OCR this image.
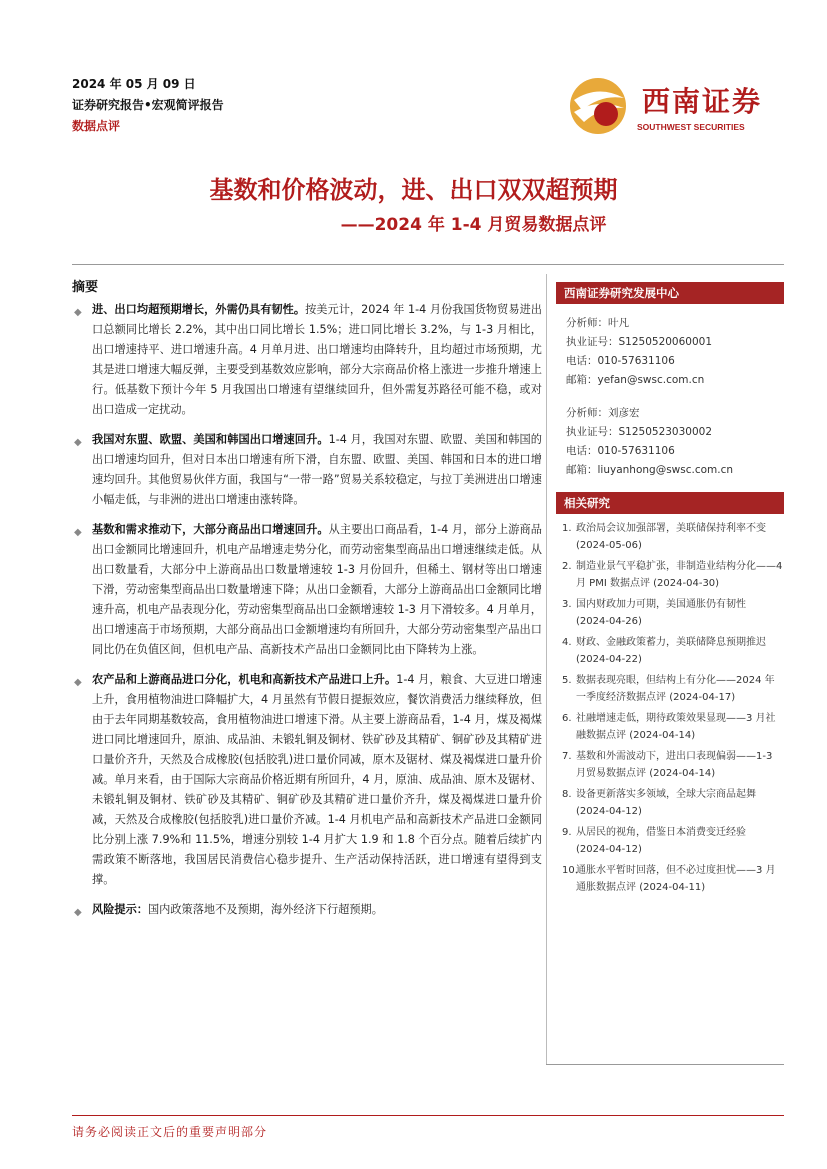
2024 年 05 月 09 日
证券研究报告•宏观简评报告
数据点评
西南证券
SOUTHWEST SECURITIES
基数和价格波动，进、出口双双超预期
——2024 年 1-4 月贸易数据点评
摘要
◆ 进、出口均超预期增长，外需仍具有韧性。按美元计，2024 年 1-4 月份我国货物贸易进出口总额同比增长 2.2%，其中出口同比增长 1.5%；进口同比增长 3.2%，与 1-3 月相比，出口增速持平、进口增速升高。4 月单月进、出口增速均由降转升，且均超过市场预期，尤其是进口增速大幅反弹，主要受到基数效应影响，部分大宗商品价格上涨进一步推升增速上行。低基数下预计今年 5 月我国出口增速有望继续回升，但外需复苏路径可能不稳，或对出口造成一定扰动。
◆ 我国对东盟、欧盟、美国和韩国出口增速回升。1-4 月，我国对东盟、欧盟、美国和韩国的出口增速均回升，但对日本出口增速有所下滑，自东盟、欧盟、美国、韩国和日本的进口增速均回升。其他贸易伙伴方面，我国与“一带一路”贸易关系较稳定，与拉丁美洲进出口增速小幅走低，与非洲的进出口增速由涨转降。
◆ 基数和需求推动下，大部分商品出口增速回升。从主要出口商品看，1-4 月，部分上游商品出口金额同比增速回升，机电产品增速走势分化，而劳动密集型商品出口增速继续走低。从出口数量看，大部分中上游商品出口数量增速较 1-3 月份回升，但稀土、钢材等出口增速下滑，劳动密集型商品出口数量增速下降；从出口金额看，大部分上游商品出口金额同比增速升高，机电产品表现分化，劳动密集型商品出口金额增速较 1-3 月下滑较多。4 月单月，出口增速高于市场预期，大部分商品出口金额增速均有所回升，大部分劳动密集型产品出口同比仍在负值区间，但机电产品、高新技术产品出口金额同比由下降转为上涨。
◆ 农产品和上游商品进口分化，机电和高新技术产品进口上升。1-4 月，粮食、大豆进口增速上升，食用植物油进口降幅扩大，4 月虽然有节假日提振效应，餐饮消费活力继续释放，但由于去年同期基数较高，食用植物油进口增速下滑。从主要上游商品看，1-4 月，煤及褐煤进口同比增速回升，原油、成品油、未锻轧铜及铜材、铁矿砂及其精矿、铜矿砂及其精矿进口量价齐升，天然及合成橡胶(包括胶乳)进口量价同减，原木及锯材、煤及褐煤进口量升价减。单月来看，由于国际大宗商品价格近期有所回升，4 月，原油、成品油、原木及锯材、未锻轧铜及铜材、铁矿砂及其精矿、铜矿砂及其精矿进口量价齐升，煤及褐煤进口量升价减，天然及合成橡胶(包括胶乳)进口量价齐减。1-4 月机电产品和高新技术产品进口金额同比分别上涨 7.9%和 11.5%，增速分别较 1-4 月扩大 1.9 和 1.8 个百分点。随着后续扩内需政策不断落地，我国居民消费信心稳步提升、生产活动保持活跃，进口增速有望得到支撑。
◆ 风险提示：国内政策落地不及预期，海外经济下行超预期。
西南证券研究发展中心
分析师：叶凡
执业证号：S1250520060001
电话：010-57631106
邮箱：yefan@swsc.com.cn
分析师：刘彦宏
执业证号：S1250523030002
电话：010-57631106
邮箱：liuyanhong@swsc.com.cn
相关研究
1. 政治局会议加强部署，美联储保持利率不变 (2024-05-06)
2. 制造业景气平稳扩张，非制造业结构分化——4 月 PMI 数据点评 (2024-04-30)
3. 国内财政加力可期，美国通胀仍有韧性 (2024-04-26)
4. 财政、金融政策蓄力，美联储降息预期推迟 (2024-04-22)
5. 数据表现亮眼，但结构上有分化——2024 年一季度经济数据点评 (2024-04-17)
6. 社融增速走低，期待政策效果显现——3 月社融数据点评 (2024-04-14)
7. 基数和外需波动下，进出口表现偏弱——1-3 月贸易数据点评 (2024-04-14)
8. 设备更新落实多领域，全球大宗商品起舞 (2024-04-12)
9. 从居民的视角，借鉴日本消费变迁经验 (2024-04-12)
10.
通胀水平暂时回落，但不必过度担忧——3 月通胀数据点评 (2024-04-11)
请务必阅读正文后的重要声明部分
